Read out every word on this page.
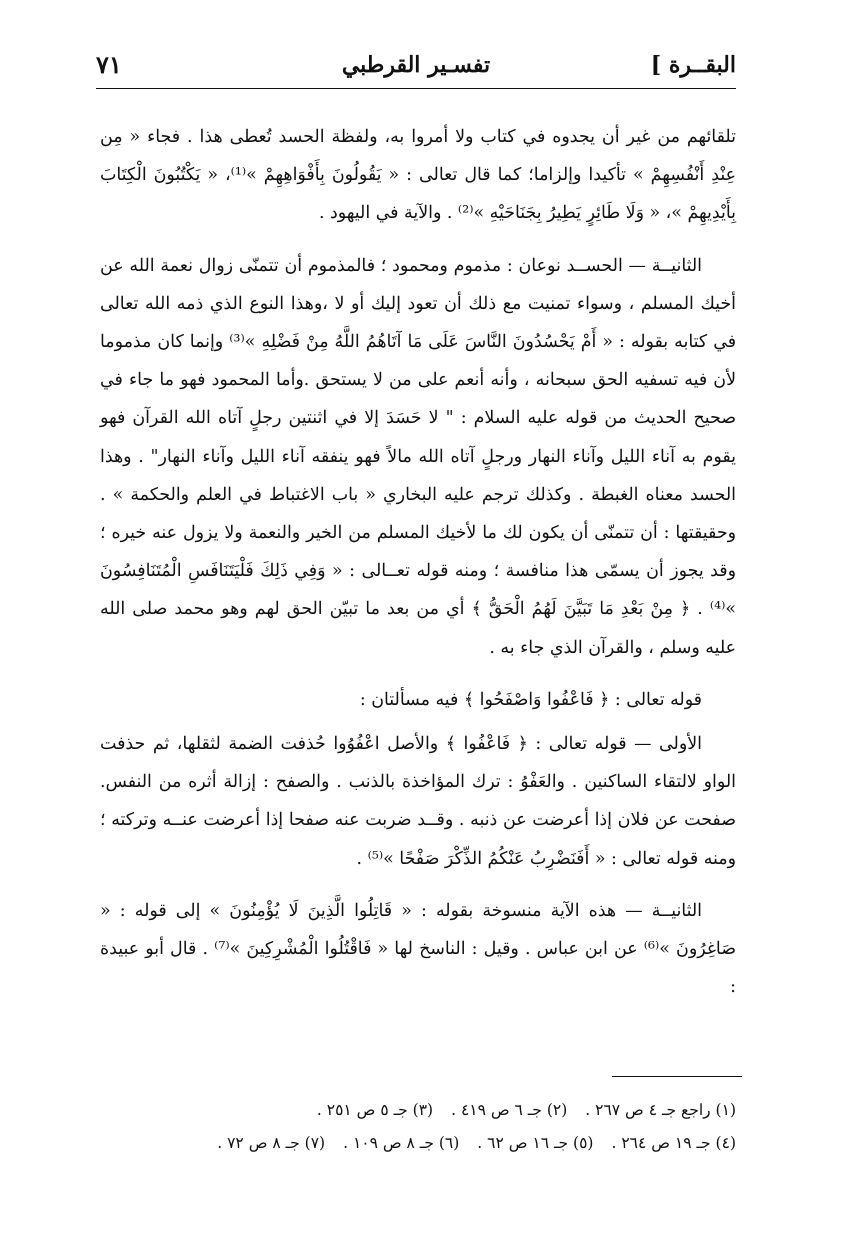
البقــرة ]
تفسـير القرطبي
٧١

تلقائهم من غير أن يجدوه في كتاب ولا أمروا به، ولفظة الحسد تُعطى هذا . فجاء « مِن عِنْدِ أَنْفُسِهِمْ » تأكيدا وإلزاما؛ كما قال تعالى : « يَقُولُونَ بِأَفْوَاهِهِمْ »⁽¹⁾، « يَكْتُبُونَ الْكِتَابَ بِأَيْدِيهِمْ »، « وَلَا طَائِرٍ يَطِيرُ بِجَنَاحَيْهِ »⁽²⁾ . والآية في اليهود .

الثانيــة — الحســد نوعان : مذموم ومحمود ؛ فالمذموم أن تتمنّى زوال نعمة الله عن أخيك المسلم ، وسواء تمنيت مع ذلك أن تعود إليك أو لا ،وهذا النوع الذي ذمه الله تعالى في كتابه بقوله : « أَمْ يَحْسُدُونَ النَّاسَ عَلَى مَا آتَاهُمُ اللَّهُ مِنْ فَضْلِهِ »⁽³⁾ وإنما كان مذموما لأن فيه تسفيه الحق سبحانه ، وأنه أنعم على من لا يستحق .وأما المحمود فهو ما جاء في صحيح الحديث من قوله عليه السلام : " لا حَسَدَ إلا في اثنتين رجلٍ آتاه الله القرآن فهو يقوم به آناء الليل وآناء النهار ورجلٍ آتاه الله مالاً فهو ينفقه آناء الليل وآناء النهار" . وهذا الحسد معناه الغبطة . وكذلك ترجم عليه البخاري « باب الاغتباط في العلم والحكمة » . وحقيقتها : أن تتمنّى أن يكون لك ما لأخيك المسلم من الخير والنعمة ولا يزول عنه خيره ؛ وقد يجوز أن يسمّى هذا منافسة ؛ ومنه قوله تعــالى : « وَفِي ذَلِكَ فَلْيَتَنَافَسِ الْمُتَنَافِسُونَ »⁽⁴⁾ . ﴿ مِنْ بَعْدِ مَا تَبَيَّنَ لَهُمُ الْحَقُّ ﴾ أي من بعد ما تبيّن الحق لهم وهو محمد صلى الله عليه وسلم ، والقرآن الذي جاء به .

قوله تعالى : ﴿ فَاعْفُوا وَاصْفَحُوا ﴾ فيه مسألتان :

الأولى — قوله تعالى : ﴿ فَاعْفُوا ﴾ والأصل اعْفُوُوا حُذفت الضمة لثقلها، ثم حذفت الواو لالتقاء الساكنين . والعَفْوُ : ترك المؤاخذة بالذنب . والصفح : إزالة أثره من النفس. صفحت عن فلان إذا أعرضت عن ذنبه . وقــد ضربت عنه صفحا إذا أعرضت عنــه وتركته ؛ ومنه قوله تعالى : « أَفَنَضْرِبُ عَنْكُمُ الذِّكْرَ صَفْحًا »⁽⁵⁾ .

الثانيــة — هذه الآية منسوخة بقوله : « قَاتِلُوا الَّذِينَ لَا يُؤْمِنُونَ » إلى قوله : « صَاغِرُونَ »⁽⁶⁾ عن ابن عباس . وقيل : الناسخ لها « فَاقْتُلُوا الْمُشْرِكِينَ »⁽⁷⁾ . قال أبو عبيدة :

(١) راجع جـ ٤ ص ٢٦٧ .
(٢) جـ ٦ ص ٤١٩ .
(٣) جـ ٥ ص ٢٥١ .
(٤) جـ ١٩ ص ٢٦٤ .
(٥) جـ ١٦ ص ٦٢ .
(٦) جـ ٨ ص ١٠٩ .
(٧) جـ ٨ ص ٧٢ .
